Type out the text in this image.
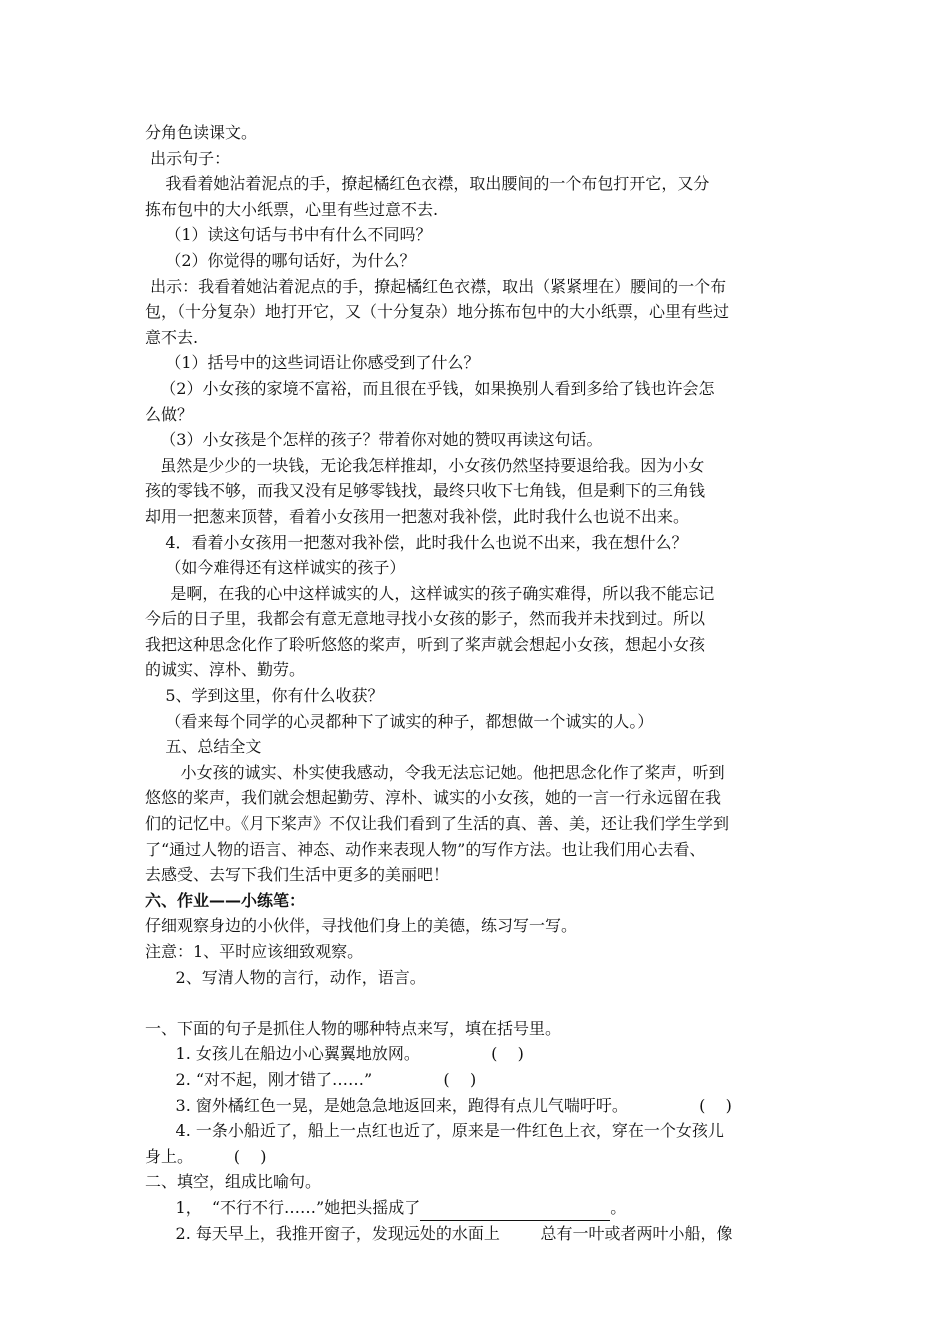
分角色读课文。
出示句子：
我看着她沾着泥点的手，撩起橘红色衣襟，取出腰间的一个布包打开它，又分
拣布包中的大小纸票，心里有些过意不去.
（1）读这句话与书中有什么不同吗？
（2）你觉得的哪句话好，为什么？
出示：我看着她沾着泥点的手，撩起橘红色衣襟，取出（紧紧埋在）腰间的一个布
包，（十分复杂）地打开它，又（十分复杂）地分拣布包中的大小纸票，心里有些过
意不去.
（1）括号中的这些词语让你感受到了什么？
（2）小女孩的家境不富裕，而且很在乎钱，如果换别人看到多给了钱也许会怎
么做？
（3）小女孩是个怎样的孩子？带着你对她的赞叹再读这句话。
虽然是少少的一块钱，无论我怎样推却，小女孩仍然坚持要退给我。因为小女
孩的零钱不够，而我又没有足够零钱找，最终只收下七角钱，但是剩下的三角钱
却用一把葱来顶替，看着小女孩用一把葱对我补偿，此时我什么也说不出来。
4．看着小女孩用一把葱对我补偿，此时我什么也说不出来，我在想什么？
（如今难得还有这样诚实的孩子）
是啊，在我的心中这样诚实的人，这样诚实的孩子确实难得，所以我不能忘记
今后的日子里，我都会有意无意地寻找小女孩的影子，然而我并未找到过。所以
我把这种思念化作了聆听悠悠的桨声，听到了桨声就会想起小女孩，想起小女孩
的诚实、淳朴、勤劳。
5、学到这里，你有什么收获？
（看来每个同学的心灵都种下了诚实的种子，都想做一个诚实的人。）
五、总结全文
小女孩的诚实、朴实使我感动，令我无法忘记她。他把思念化作了桨声，听到
悠悠的桨声，我们就会想起勤劳、淳朴、诚实的小女孩，她的一言一行永远留在我
们的记忆中。《月下桨声》不仅让我们看到了生活的真、善、美，还让我们学生学到
了“通过人物的语言、神态、动作来表现人物”的写作方法。也让我们用心去看、
去感受、去写下我们生活中更多的美丽吧！
六、作业——小练笔：
仔细观察身边的小伙伴，寻找他们身上的美德，练习写一写。
注意：1、平时应该细致观察。
2、写清人物的言行，动作，语言。
一、下面的句子是抓住人物的哪种特点来写，填在括号里。
1. 女孩儿在船边小心翼翼地放网。              (    )
2. “对不起，刚才错了……”              (    )
3. 窗外橘红色一晃，是她急急地返回来，跑得有点儿气喘吁吁。              (    )
4. 一条小船近了，船上一点红也近了，原来是一件红色上衣，穿在一个女孩儿
身上。        (    )
二、填空，组成比喻句。
1，  “不行不行……”她把头摇成了	。
2. 每天早上，我推开窗子，发现远处的水面上        总有一叶或者两叶小船，像
